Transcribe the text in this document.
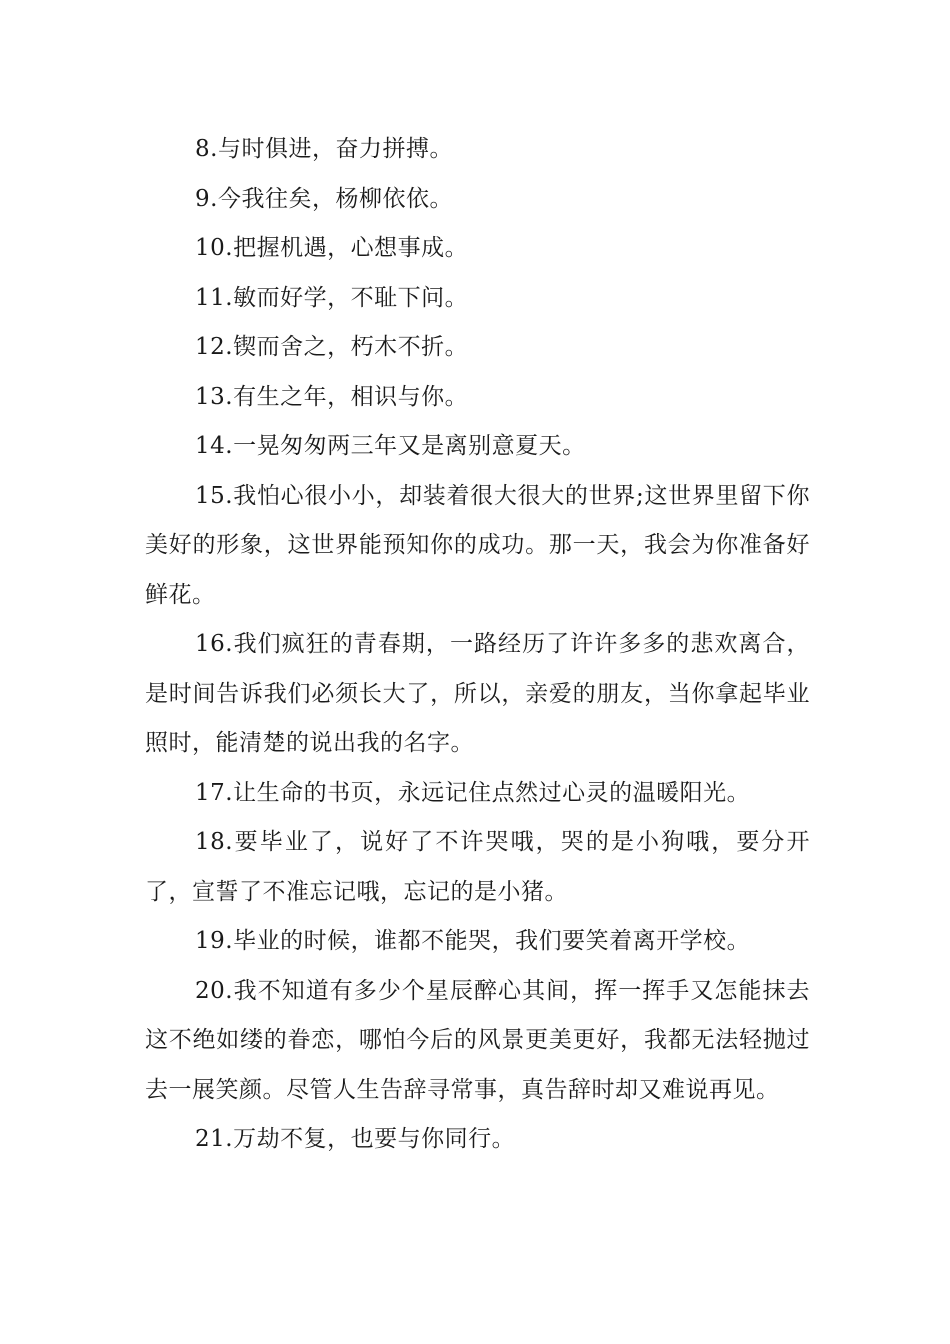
8.与时俱进，奋力拼搏。

9.今我往矣，杨柳依依。

10.把握机遇，心想事成。

11.敏而好学，不耻下问。

12.锲而舍之，朽木不折。

13.有生之年，相识与你。

14.一晃匆匆两三年又是离别意夏天。

15.我怕心很小小，却装着很大很大的世界;这世界里留下你美好的形象，这世界能预知你的成功。那一天，我会为你准备好鲜花。

16.我们疯狂的青春期，一路经历了许许多多的悲欢离合，是时间告诉我们必须长大了，所以，亲爱的朋友，当你拿起毕业照时，能清楚的说出我的名字。

17.让生命的书页，永远记住点然过心灵的温暖阳光。

18.要毕业了，说好了不许哭哦，哭的是小狗哦，要分开了，宣誓了不准忘记哦，忘记的是小猪。

19.毕业的时候，谁都不能哭，我们要笑着离开学校。

20.我不知道有多少个星辰醉心其间，挥一挥手又怎能抹去这不绝如缕的眷恋，哪怕今后的风景更美更好，我都无法轻抛过去一展笑颜。尽管人生告辞寻常事，真告辞时却又难说再见。

21.万劫不复，也要与你同行。
